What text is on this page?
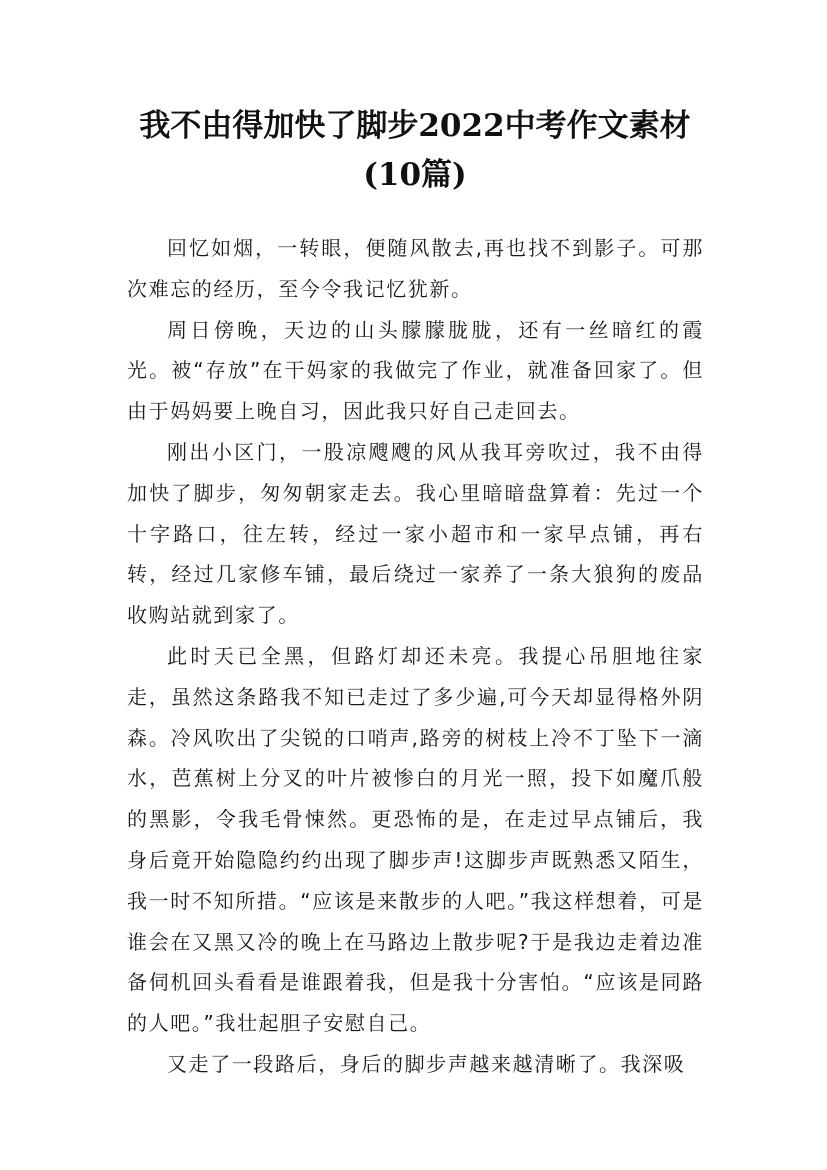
我不由得加快了脚步2022中考作文素材(10篇)

回忆如烟，一转眼，便随风散去,再也找不到影子。可那次难忘的经历，至今令我记忆犹新。

周日傍晚，天边的山头朦朦胧胧，还有一丝暗红的霞光。被“存放”在干妈家的我做完了作业，就准备回家了。但由于妈妈要上晚自习，因此我只好自己走回去。

刚出小区门，一股凉飕飕的风从我耳旁吹过，我不由得加快了脚步，匆匆朝家走去。我心里暗暗盘算着：先过一个十字路口，往左转，经过一家小超市和一家早点铺，再右转，经过几家修车铺，最后绕过一家养了一条大狼狗的废品收购站就到家了。

此时天已全黑，但路灯却还未亮。我提心吊胆地往家走，虽然这条路我不知已走过了多少遍,可今天却显得格外阴森。冷风吹出了尖锐的口哨声,路旁的树枝上冷不丁坠下一滴水，芭蕉树上分叉的叶片被惨白的月光一照，投下如魔爪般的黑影，令我毛骨悚然。更恐怖的是，在走过早点铺后，我身后竟开始隐隐约约出现了脚步声!这脚步声既熟悉又陌生，我一时不知所措。“应该是来散步的人吧。”我这样想着，可是谁会在又黑又冷的晚上在马路边上散步呢?于是我边走着边准备伺机回头看看是谁跟着我，但是我十分害怕。“应该是同路的人吧。”我壮起胆子安慰自己。

又走了一段路后，身后的脚步声越来越清晰了。我深吸
